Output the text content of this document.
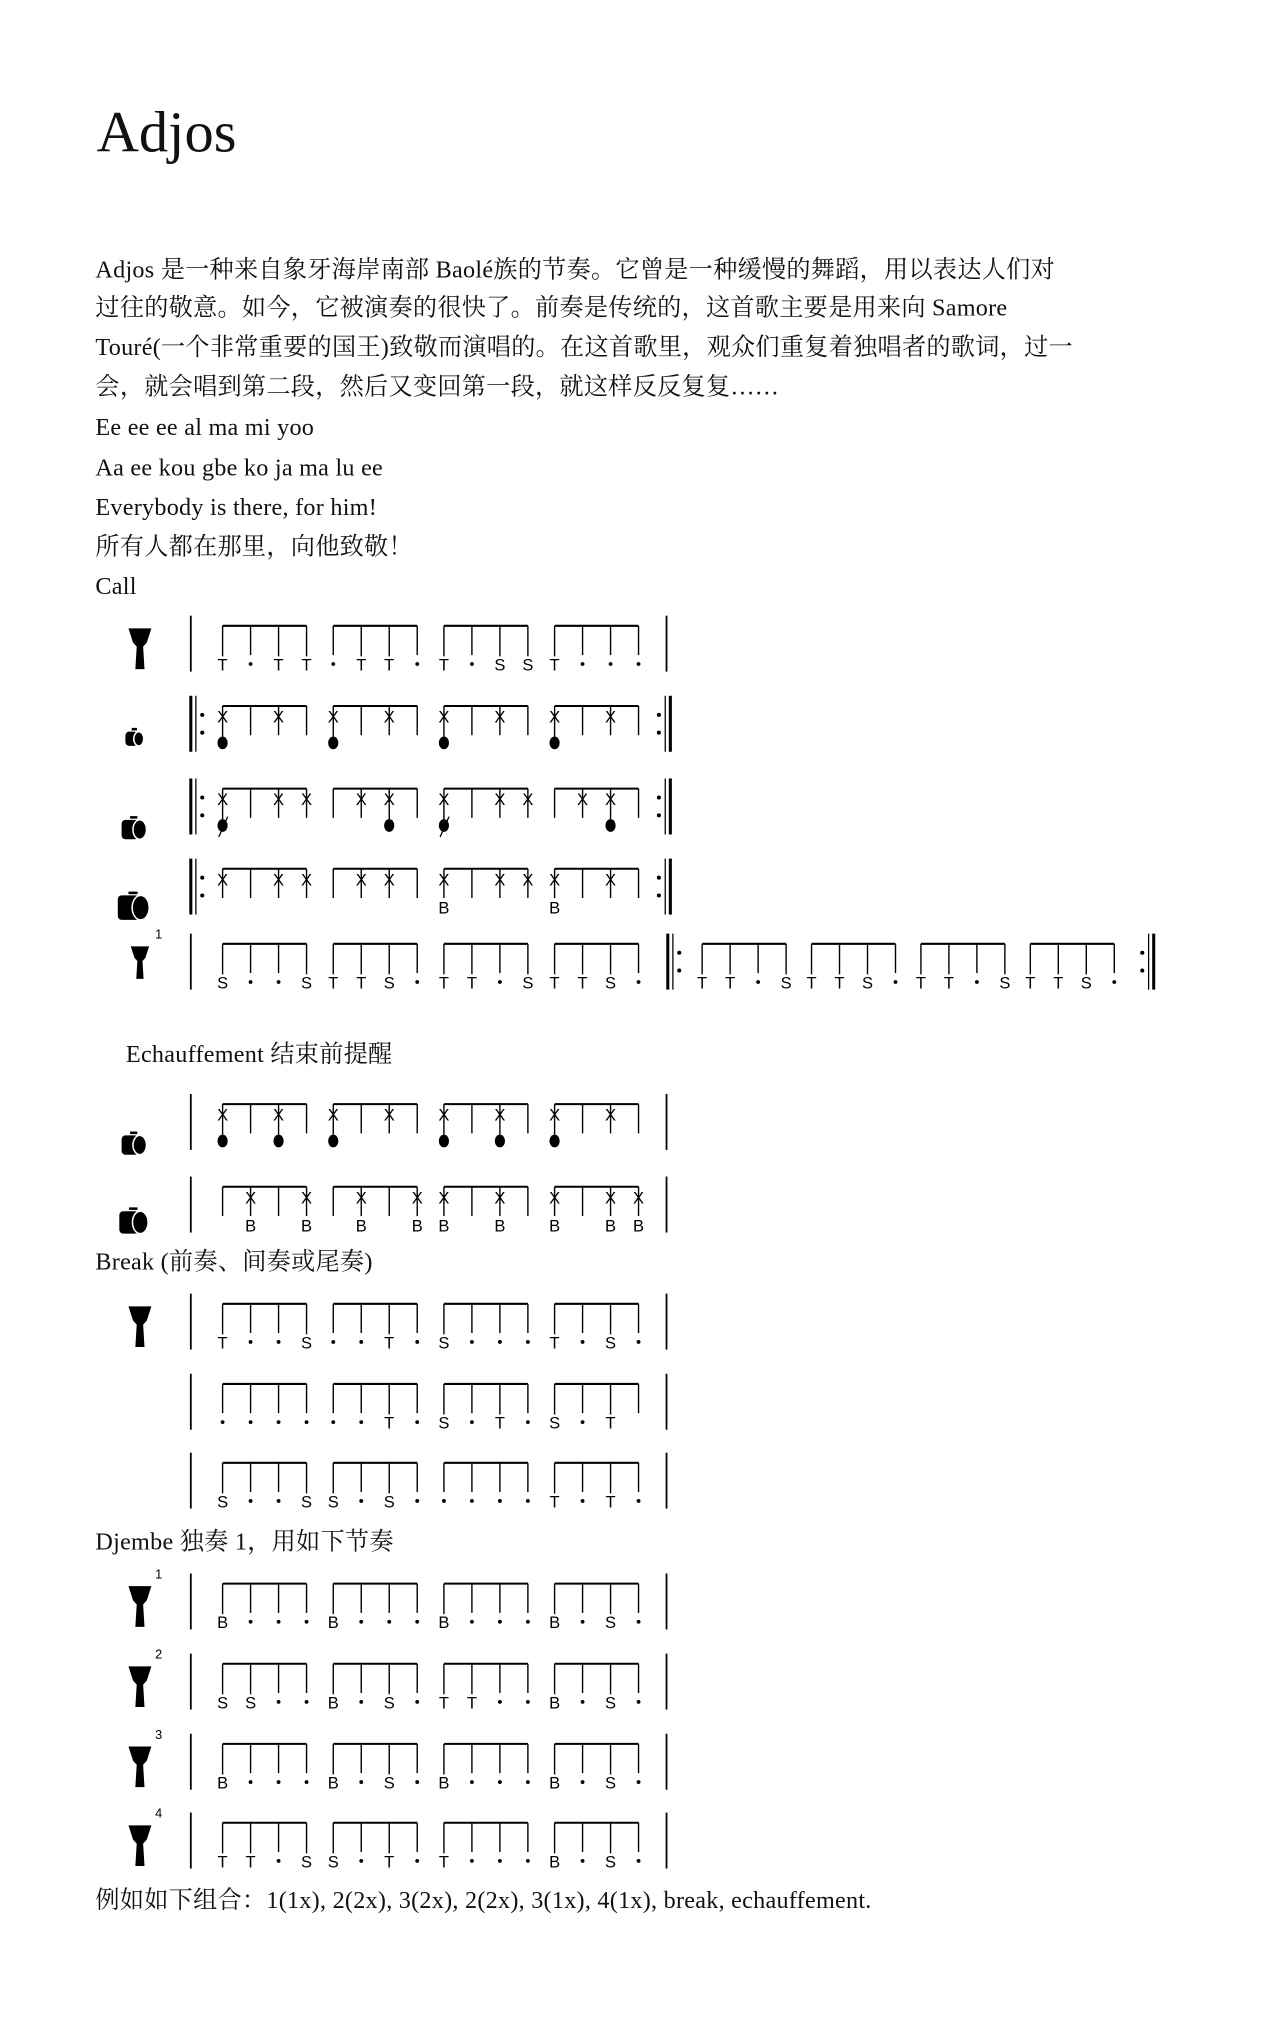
Adjos
Adjos 是一种来自象牙海岸南部 Baolé族的节奏。它曾是一种缓慢的舞蹈，用以表达人们对
过往的敬意。如今，它被演奏的很快了。前奏是传统的，这首歌主要是用来向 Samore
Touré(一个非常重要的国王)致敬而演唱的。在这首歌里，观众们重复着独唱者的歌词，过一
会，就会唱到第二段，然后又变回第一段，就这样反反复复……
Ee ee ee al ma mi yoo
Aa ee kou gbe ko ja ma lu ee
Everybody is there, for him!
所有人都在那里，向他致敬！
Call
Echauffement 结束前提醒
Break (前奏、间奏或尾奏)
Djembe 独奏 1，用如下节奏
例如如下组合：1(1x), 2(2x), 3(2x), 2(2x), 3(1x), 4(1x), break, echauffement.
T	T T	T T	T	S S T
X	X	X	X	X	X	X	X
X	X X	X X	X	X X	X X
X	X X	X X	X
B
X X X
B
X
1
S	S T T S	T T	S T T S	T T	S T T S	T T	S T T S
X	X	X	X	X	X	X	X
X
B
X
B
X
B
X
B
X
B
X
B
X
B
X
B
X
B
T	S	T	S	T	S
T	S	T	S	T
S	S S	S	T	T
1
B	B	B	B	S
2
S S	B	S	T T	B	S
3
B	B	S	B	B	S
4
T T	S S	T	T	B	S
